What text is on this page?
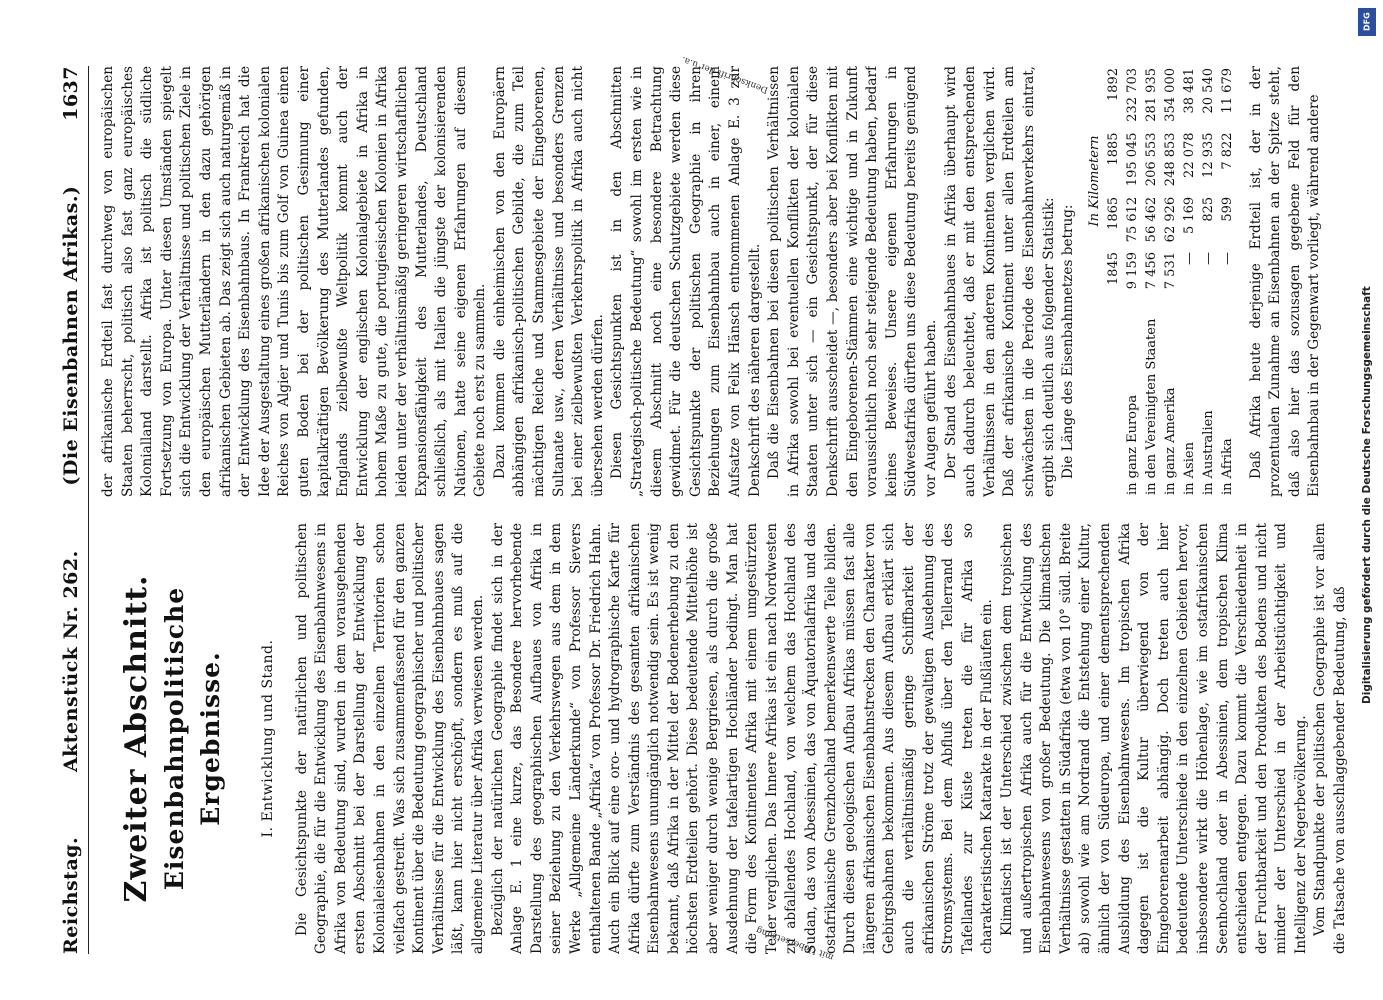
Reichstag.
Aktenstück Nr. 262.
(Die Eisenbahnen Afrikas.)
1637
Zweiter Abschnitt. Eisenbahnpolitische Ergebnisse.	I. Entwicklung und Stand. Die Gesichtspunkte der natürlichen und politischen Geographie, die für die Entwicklung des Eisenbahnwesens in Afrika von Bedeutung sind, wurden in dem vorausgehenden ersten Abschnitt bei der Darstellung der Entwicklung der Kolonialeisenbahnen in den einzelnen Territorien schon vielfach gestreift. Was sich zusammenfassend für den ganzen Kontinent über die Bedeutung geographischer und politischer Verhältnisse für die Entwicklung des Eisenbahnbaues sagen läßt, kann hier nicht erschöpft, sondern es muß auf die allgemeine Literatur über Afrika verwiesen werden. Bezüglich der natürlichen Geographie findet sich in der Anlage E. 1 eine kurze, das Besondere hervorhebende Darstellung des geographischen Aufbaues von Afrika in seiner Beziehung zu den Verkehrswegen aus dem in dem Werke „Allgemeine Länderkunde“ von Professor Sievers enthaltenen Bande „Afrika“ von Professor Dr. Friedrich Hahn. Auch ein Blick auf eine oro- und hydrographische Karte für Afrika dürfte zum Verständnis des gesamten afrikanischen Eisenbahnwesens unumgänglich notwendig sein. Es ist wenig bekannt, daß Afrika in der Mittel der Bodenerhebung zu den höchsten Erdteilen gehört. Diese bedeutende Mittelhöhe ist aber weniger durch wenige Bergriesen, als durch die große Ausdehnung der tafelartigen Hochländer bedingt. Man hat die Form des Kontinentes Afrika mit einem umgestürzten Teller verglichen. Das Innere Afrikas ist ein nach Nordwesten zu abfallendes Hochland, von welchem das Hochland des Sudan, das von Abessinien, das von Äquatorialafrika und das ostafrikanische Grenzhochland bemerkenswerte Teile bilden. Durch diesen geologischen Aufbau Afrikas müssen fast alle längeren afrikanischen Eisenbahnstrecken den Charakter von Gebirgsbahnen bekommen. Aus diesem Aufbau erklärt sich auch die verhältnismäßig geringe Schiffbarkeit der afrikanischen Ströme trotz der gewaltigen Ausdehnung des Stromsystems. Bei dem Abfluß über den Tellerrand des Tafellandes zur Küste treten die für Afrika so charakteristischen Katarakte in der Flußläufen ein. Klimatisch ist der Unterschied zwischen dem tropischen und außertropischen Afrika auch für die Entwicklung des Eisenbahnwesens von großer Bedeutung. Die klimatischen Verhältnisse gestatten in Südafrika (etwa von 10° südl. Breite ab) sowohl wie am Nordrand die Entstehung einer Kultur, ähnlich der von Südeuropa, und einer dementsprechenden Ausbildung des Eisenbahnwesens. Im tropischen Afrika dagegen ist die Kultur überwiegend von der Eingeborenenarbeit abhängig. Doch treten auch hier bedeutende Unterschiede in den einzelnen Gebieten hervor, insbesondere wirkt die Höhenlage, wie im ostafrikanischen Seenhochland oder in Abessinien, dem tropischen Klima entschieden entgegen. Dazu kommt die Verschiedenheit in der Fruchtbarkeit und den Produkten des Bodens und nicht minder der Unterschied in der Arbeitstüchtigkeit und Intelligenz der Negerbevölkerung. Vom Standpunkte der politischen Geographie ist vor allem die Tatsache von ausschlaggebender Bedeutung, daß

der afrikanische Erdteil fast durchweg von europäischen Staaten beherrscht, politisch also fast ganz europäisches Kolonialland darstellt. Afrika ist politisch die südliche Fortsetzung von Europa. Unter diesen Umständen spiegelt sich die Entwicklung der Verhältnisse und politischen Ziele in den europäischen Mutterländern in den dazu gehörigen afrikanischen Gebieten ab. Das zeigt sich auch naturgemäß in der Entwicklung des Eisenbahnbaus. In Frankreich hat die Idee der Ausgestaltung eines großen afrikanischen kolonialen Reiches von Algier und Tunis bis zum Golf von Guinea einen guten Boden bei der politischen Gesinnung einer kapitalkräftigen Bevölkerung des Mutterlandes gefunden, Englands zielbewußte Weltpolitik kommt auch der Entwicklung der englischen Kolonialgebiete in Afrika in hohem Maße zu gute, die portugiesischen Kolonien in Afrika leiden unter der verhältnismäßig geringeren wirtschaftlichen Expansionsfähigkeit des Mutterlandes, Deutschland schließlich, als mit Italien die jüngste der kolonisierenden Nationen, hatte seine eigenen Erfahrungen auf diesem Gebiete noch erst zu sammeln. Dazu kommen die einheimischen von den Europäern abhängigen afrikanisch-politischen Gebilde, die zum Teil mächtigen Reiche und Stammesgebiete der Eingeborenen, Sultanate usw., deren Verhältnisse und besonders Grenzen bei einer zielbewußten Verkehrspolitik in Afrika auch nicht übersehen werden dürfen. Diesen Gesichtspunkten ist in den Abschnitten „Strategisch-politische Bedeutung“ sowohl im ersten wie in diesem Abschnitt noch eine besondere Betrachtung gewidmet. Für die deutschen Schutzgebiete werden diese Gesichtspunkte der politischen Geographie in ihren Beziehungen zum Eisenbahnbau auch in einer, einem Aufsatze von Felix Hänsch entnommenen Anlage E. 3 zur Denkschrift des näheren dargestellt. Daß die Eisenbahnen bei diesen politischen Verhältnissen in Afrika sowohl bei eventuellen Konflikten der kolonialen Staaten unter sich — ein Gesichtspunkt, der für diese Denkschrift ausscheidet —, besonders aber bei Konflikten mit den Eingeborenen-Stämmen eine wichtige und in Zukunft voraussichtlich noch sehr steigende Bedeutung haben, bedarf keines Beweises. Unsere eigenen Erfahrungen in Südwestafrika dürften uns diese Bedeutung bereits genügend vor Augen geführt haben. Der Stand des Eisenbahnbaues in Afrika überhaupt wird auch dadurch beleuchtet, daß er mit den entsprechenden Verhältnissen in den anderen Kontinenten verglichen wird. Daß der afrikanische Kontinent unter allen Erdteilen am schwächsten in die Periode des Eisenbahnverkehrs eintrat, ergibt sich deutlich aus folgender Statistik: Die Länge des Eisenbahnnetzes betrug:

	In Kilometern			
	1845	1865	1885	1892
in ganz Europa	9 159	75 612	195 045	232 703
in den Vereinigten Staaten	7 456	56 462	206 553	281 935
in ganz Amerika	7 531	62 926	248 853	354 000
in Asien	—	5 169	22 078	38 481
in Australien	—	825	12 935	20 540
in Afrika	—	599	7 822	11 679 Daß Afrika heute derjenige Erdteil ist, der in der prozentualen Zunahme an Eisenbahnen an der Spitze steht, daß also hier das sozusagen gegebene Feld für den Eisenbahnbau in der Gegenwart vorliegt, während andere

mit Uebersetzung
Denkschrift der u.a.
DFG
Digitalisierung gefördert durch die Deutsche Forschungsgemeinschaft
